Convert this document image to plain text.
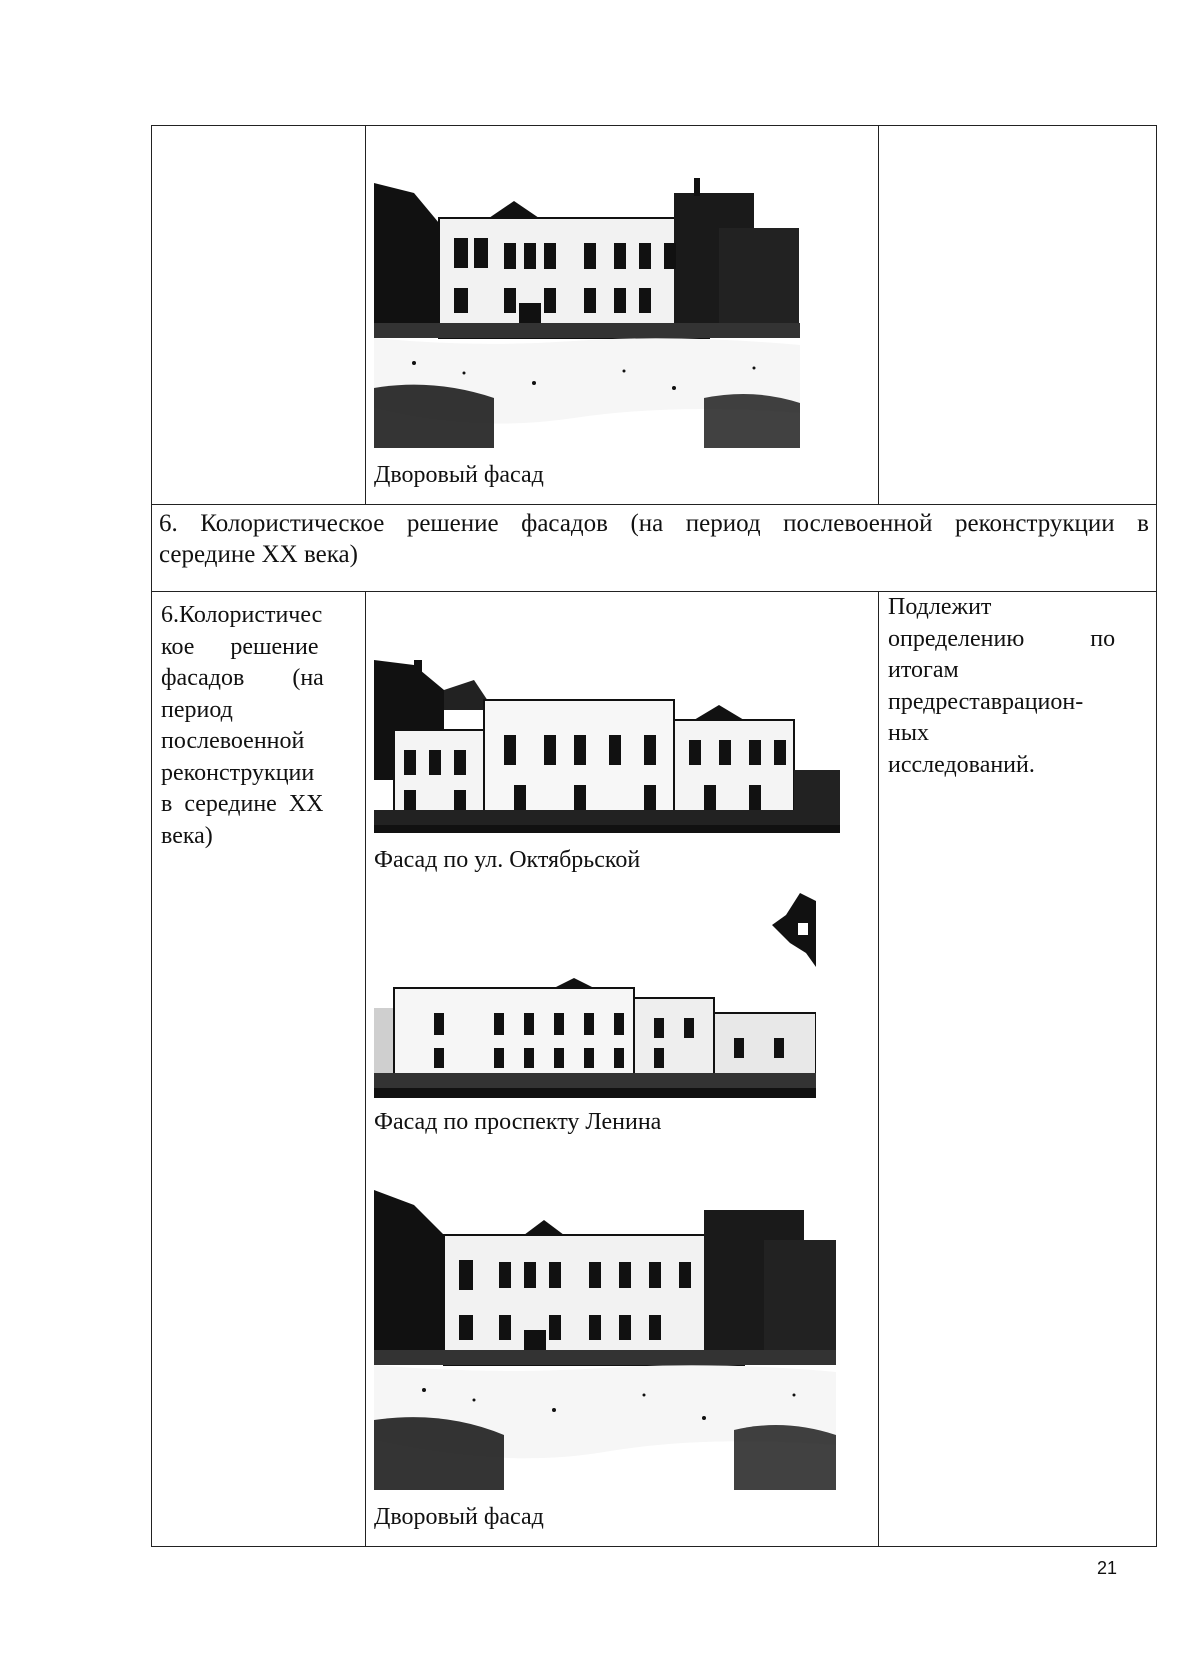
Дворовый фасад
6. Колористическое решение фасадов (на период послевоенной реконструкции в
середине XX века)
6.Колористичес
кое      решение
фасадов        (на
период
послевоенной
реконструкции
в  середине  XX
века)
Подлежит
определению           по
итогам
предреставрацион-
ных
исследований.
Фасад по ул. Октябрьской
Фасад по проспекту Ленина
Дворовый фасад
21
